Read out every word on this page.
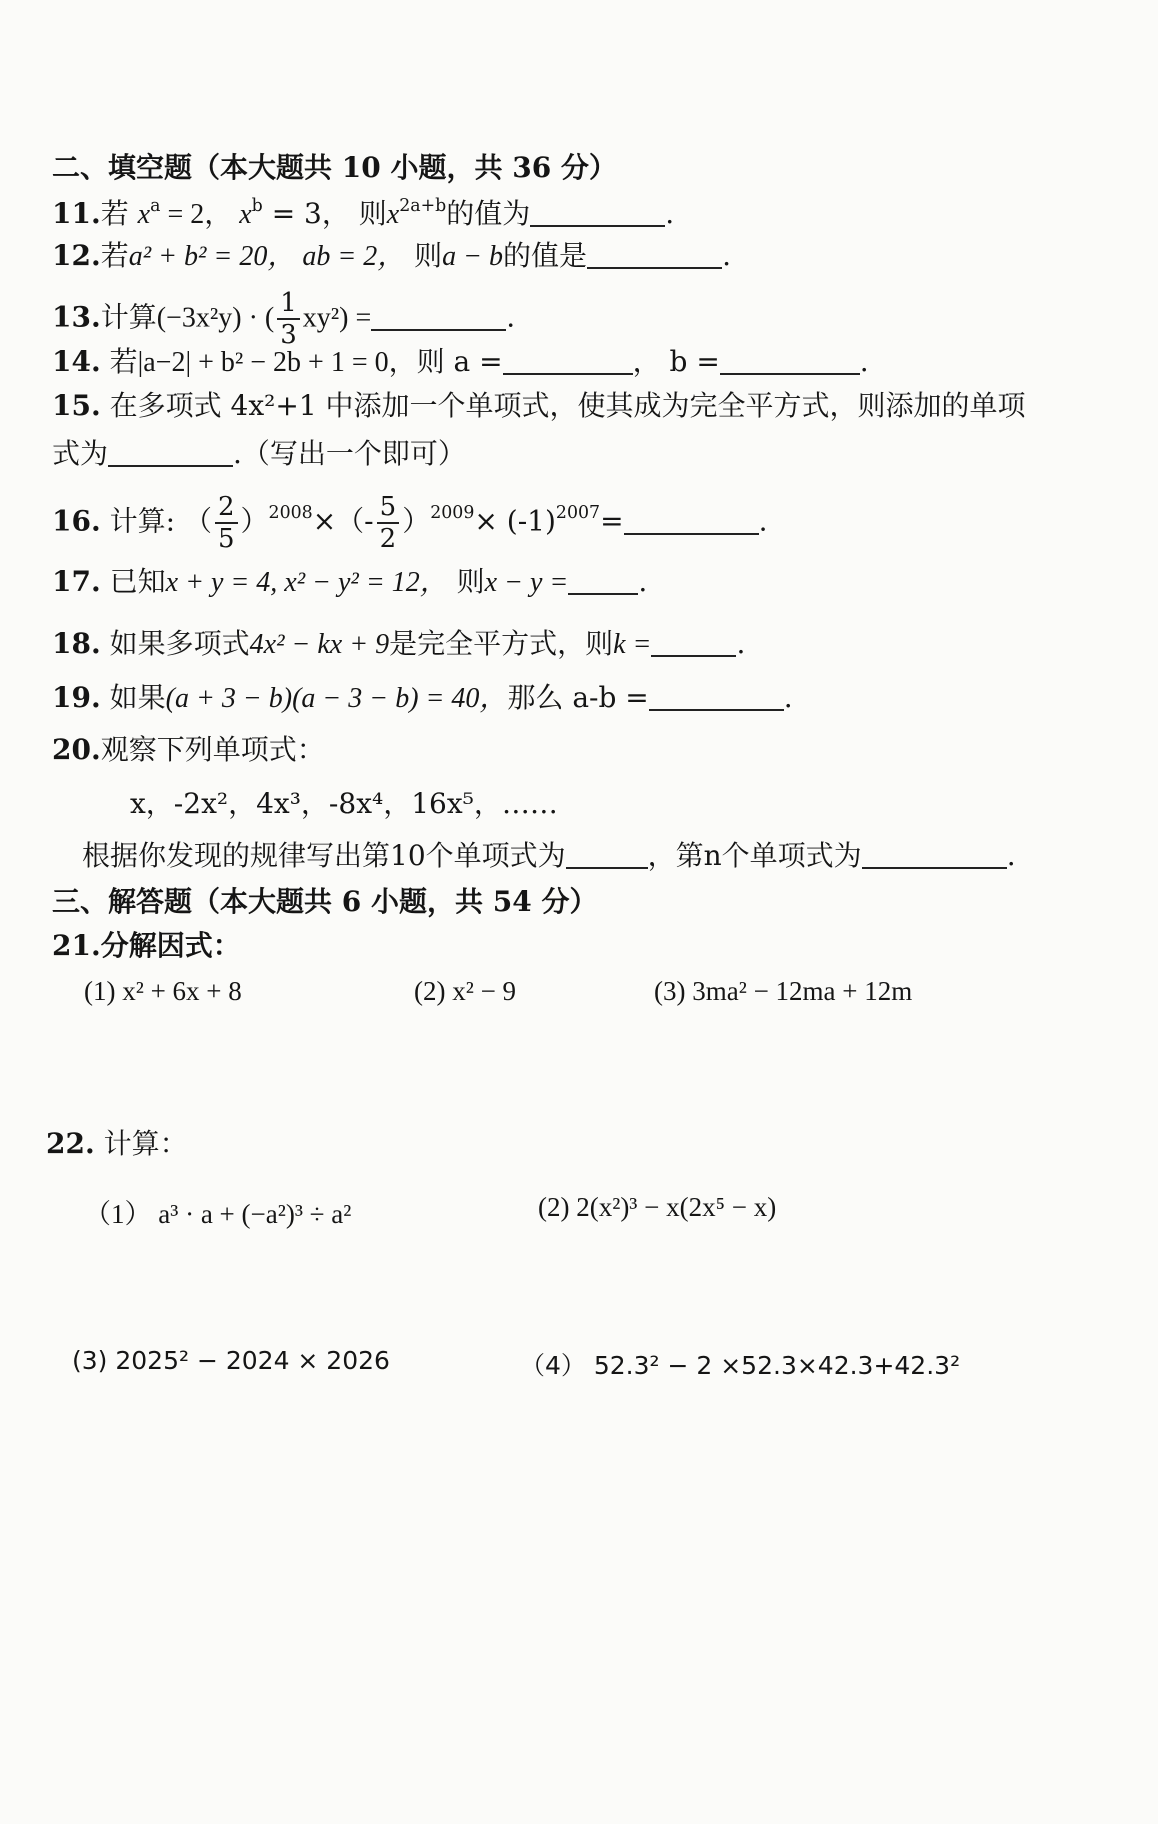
二、填空题（本大题共 10 小题，共 36 分）
11.若 $x^a = 2$， $x^b = 3$， 则$x^{2a+b}$的值为	.
12.若a² + b² = 20， ab = 2， 则a − b的值是	.
13.计算(−3x²y) · ( $\frac{1}{3} xy^2$) =	.
14. 若|a−2| + b² − 2b + 1 = 0，则 a =	， b =	.
15. 在多项式 4x²+1 中添加一个单项式，使其成为完全平方式，则添加的单项
式为	.（写出一个即可）
16. 计算: （ $\frac{2}{5} )^{2008}\times(- \frac{5}{2} )^{2009}\times (-1)^{2007}=$	.
17. 已知x + y = 4, x² − y² = 12， 则x − y =	.
18. 如果多项式4x² − kx + 9是完全平方式，则k =	.
19. 如果(a + 3 − b)(a − 3 − b) = 40，那么 a-b =	.
20.观察下列单项式：
x，-2x²，4x³，-8x⁴，16x⁵，……
根据你发现的规律写出第10个单项式为	，第n个单项式为	.
三、解答题（本大题共 6 小题，共 54 分）
21.分解因式：
(1) x² + 6x + 8	(2) x² − 9	(3) 3ma² − 12ma + 12m
22. 计算：
（1） a³ · a + (−a²)³ ÷ a²	(2) 2(x²)³ − x(2x⁵ − x)
(3) 2025² − 2024 × 2026	（4） 52.3² − 2 ×52.3×42.3+42.3²
